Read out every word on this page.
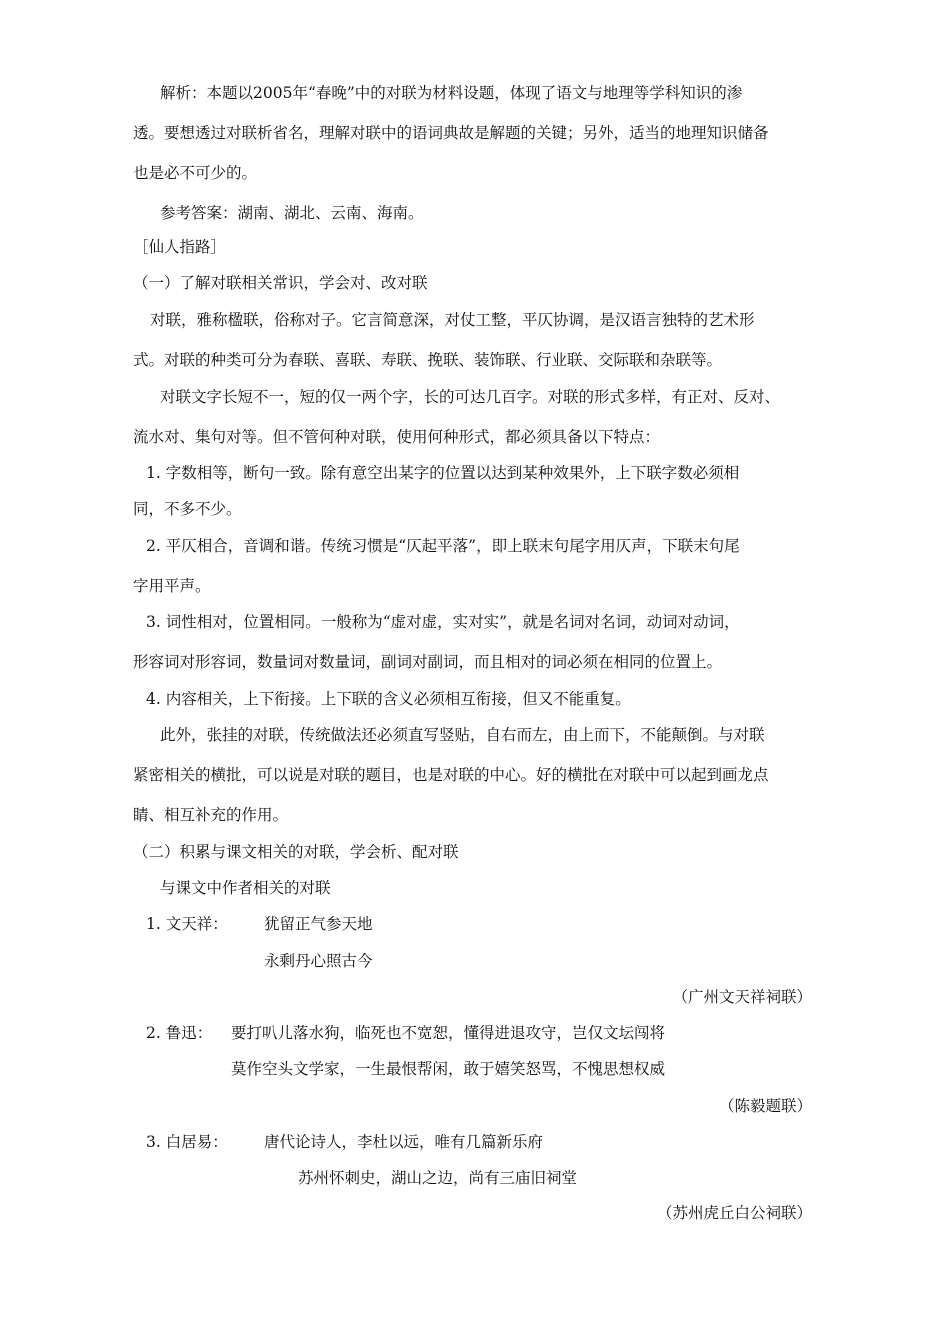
解析：本题以2005年“春晚”中的对联为材料设题，体现了语文与地理等学科知识的渗
透。要想透过对联析省名，理解对联中的语词典故是解题的关键；另外，适当的地理知识储备
也是必不可少的。
参考答案：湖南、湖北、云南、海南。
［仙人指路］
（一）了解对联相关常识，学会对、改对联
对联，雅称楹联，俗称对子。它言简意深，对仗工整，平仄协调，是汉语言独特的艺术形
式。对联的种类可分为春联、喜联、寿联、挽联、装饰联、行业联、交际联和杂联等。
对联文字长短不一，短的仅一两个字，长的可达几百字。对联的形式多样，有正对、反对、
流水对、集句对等。但不管何种对联，使用何种形式，都必须具备以下特点：
1. 字数相等，断句一致。除有意空出某字的位置以达到某种效果外，上下联字数必须相
同，不多不少。
2. 平仄相合，音调和谐。传统习惯是“仄起平落”，即上联末句尾字用仄声，下联末句尾
字用平声。
3. 词性相对，位置相同。一般称为“虚对虚，实对实”，就是名词对名词，动词对动词，
形容词对形容词，数量词对数量词，副词对副词，而且相对的词必须在相同的位置上。
4. 内容相关，上下衔接。上下联的含义必须相互衔接，但又不能重复。
此外，张挂的对联，传统做法还必须直写竖贴，自右而左，由上而下，不能颠倒。与对联
紧密相关的横批，可以说是对联的题目，也是对联的中心。好的横批在对联中可以起到画龙点
睛、相互补充的作用。
（二）积累与课文相关的对联，学会析、配对联
与课文中作者相关的对联
1. 文天祥： 犹留正气参天地
永剩丹心照古今
（广州文天祥祠联）
2. 鲁迅： 要打叭儿落水狗，临死也不宽恕，懂得进退攻守，岂仅文坛闯将
莫作空头文学家，一生最恨帮闲，敢于嬉笑怒骂，不愧思想权威
（陈毅题联）
3. 白居易： 唐代论诗人，李杜以远，唯有几篇新乐府
苏州怀刺史，湖山之边，尚有三庙旧祠堂
（苏州虎丘白公祠联）
